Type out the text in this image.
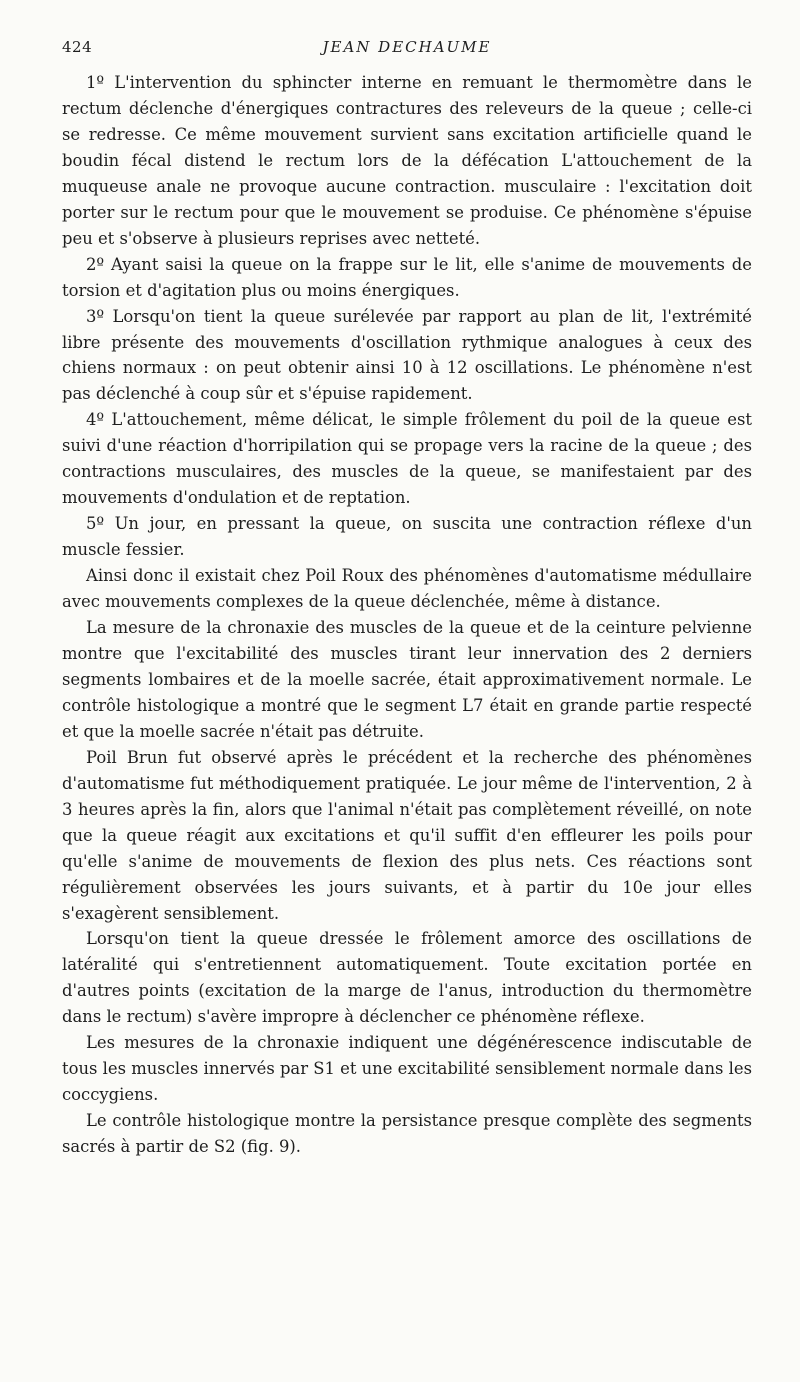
424	JEAN DECHAUME

1º L'intervention du sphincter interne en remuant le thermomètre dans le rectum déclenche d'énergiques contractures des releveurs de la queue ; celle-ci se redresse. Ce même mouvement survient sans excitation artificielle quand le boudin fécal distend le rectum lors de la défécation L'attouchement de la muqueuse anale ne provoque aucune contraction. musculaire : l'excitation doit porter sur le rectum pour que le mouvement se produise. Ce phénomène s'épuise peu et s'observe à plusieurs reprises avec netteté.

2º Ayant saisi la queue on la frappe sur le lit, elle s'anime de mouvements de torsion et d'agitation plus ou moins énergiques.

3º Lorsqu'on tient la queue surélevée par rapport au plan de lit, l'extrémité libre présente des mouvements d'oscillation rythmique analogues à ceux des chiens normaux : on peut obtenir ainsi 10 à 12 oscillations. Le phénomène n'est pas déclenché à coup sûr et s'épuise rapidement.

4º L'attouchement, même délicat, le simple frôlement du poil de la queue est suivi d'une réaction d'horripilation qui se propage vers la racine de la queue ; des contractions musculaires, des muscles de la queue, se manifestaient par des mouvements d'ondulation et de reptation.

5º Un jour, en pressant la queue, on suscita une contraction réflexe d'un muscle fessier.

Ainsi donc il existait chez Poil Roux des phénomènes d'automatisme médullaire avec mouvements complexes de la queue déclenchée, même à distance.

La mesure de la chronaxie des muscles de la queue et de la ceinture pelvienne montre que l'excitabilité des muscles tirant leur innervation des 2 derniers segments lombaires et de la moelle sacrée, était approximativement normale. Le contrôle histologique a montré que le segment L7 était en grande partie respecté et que la moelle sacrée n'était pas détruite.

Poil Brun fut observé après le précédent et la recherche des phénomènes d'automatisme fut méthodiquement pratiquée. Le jour même de l'intervention, 2 à 3 heures après la fin, alors que l'animal n'était pas complètement réveillé, on note que la queue réagit aux excitations et qu'il suffit d'en effleurer les poils pour qu'elle s'anime de mouvements de flexion des plus nets. Ces réactions sont régulièrement observées les jours suivants, et à partir du 10e jour elles s'exagèrent sensiblement.

Lorsqu'on tient la queue dressée le frôlement amorce des oscillations de latéralité qui s'entretiennent automatiquement. Toute excitation portée en d'autres points (excitation de la marge de l'anus, introduction du thermomètre dans le rectum) s'avère impropre à déclencher ce phénomène réflexe.

Les mesures de la chronaxie indiquent une dégénérescence indiscutable de tous les muscles innervés par S1 et une excitabilité sensiblement normale dans les coccygiens.

Le contrôle histologique montre la persistance presque complète des segments sacrés à partir de S2 (fig. 9).
